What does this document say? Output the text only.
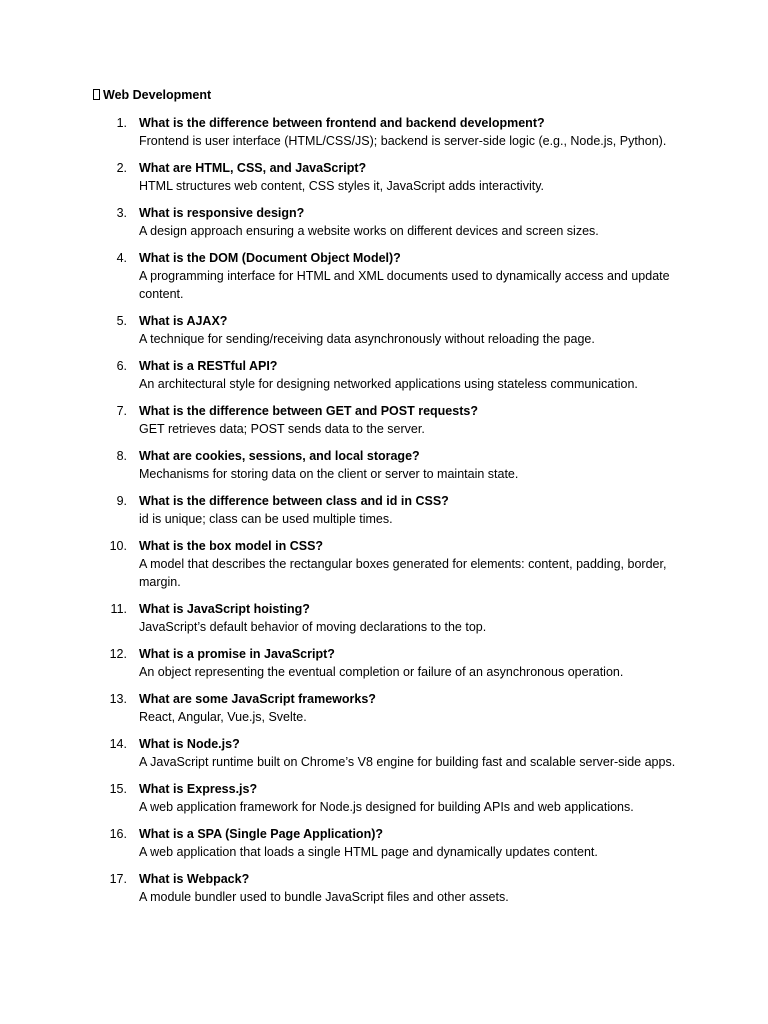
Web Development
1. What is the difference between frontend and backend development?
Frontend is user interface (HTML/CSS/JS); backend is server-side logic (e.g., Node.js, Python).
2. What are HTML, CSS, and JavaScript?
HTML structures web content, CSS styles it, JavaScript adds interactivity.
3. What is responsive design?
A design approach ensuring a website works on different devices and screen sizes.
4. What is the DOM (Document Object Model)?
A programming interface for HTML and XML documents used to dynamically access and update content.
5. What is AJAX?
A technique for sending/receiving data asynchronously without reloading the page.
6. What is a RESTful API?
An architectural style for designing networked applications using stateless communication.
7. What is the difference between GET and POST requests?
GET retrieves data; POST sends data to the server.
8. What are cookies, sessions, and local storage?
Mechanisms for storing data on the client or server to maintain state.
9. What is the difference between class and id in CSS?
id is unique; class can be used multiple times.
10. What is the box model in CSS?
A model that describes the rectangular boxes generated for elements: content, padding, border, margin.
11. What is JavaScript hoisting?
JavaScript’s default behavior of moving declarations to the top.
12. What is a promise in JavaScript?
An object representing the eventual completion or failure of an asynchronous operation.
13. What are some JavaScript frameworks?
React, Angular, Vue.js, Svelte.
14. What is Node.js?
A JavaScript runtime built on Chrome’s V8 engine for building fast and scalable server-side apps.
15. What is Express.js?
A web application framework for Node.js designed for building APIs and web applications.
16. What is a SPA (Single Page Application)?
A web application that loads a single HTML page and dynamically updates content.
17. What is Webpack?
A module bundler used to bundle JavaScript files and other assets.
